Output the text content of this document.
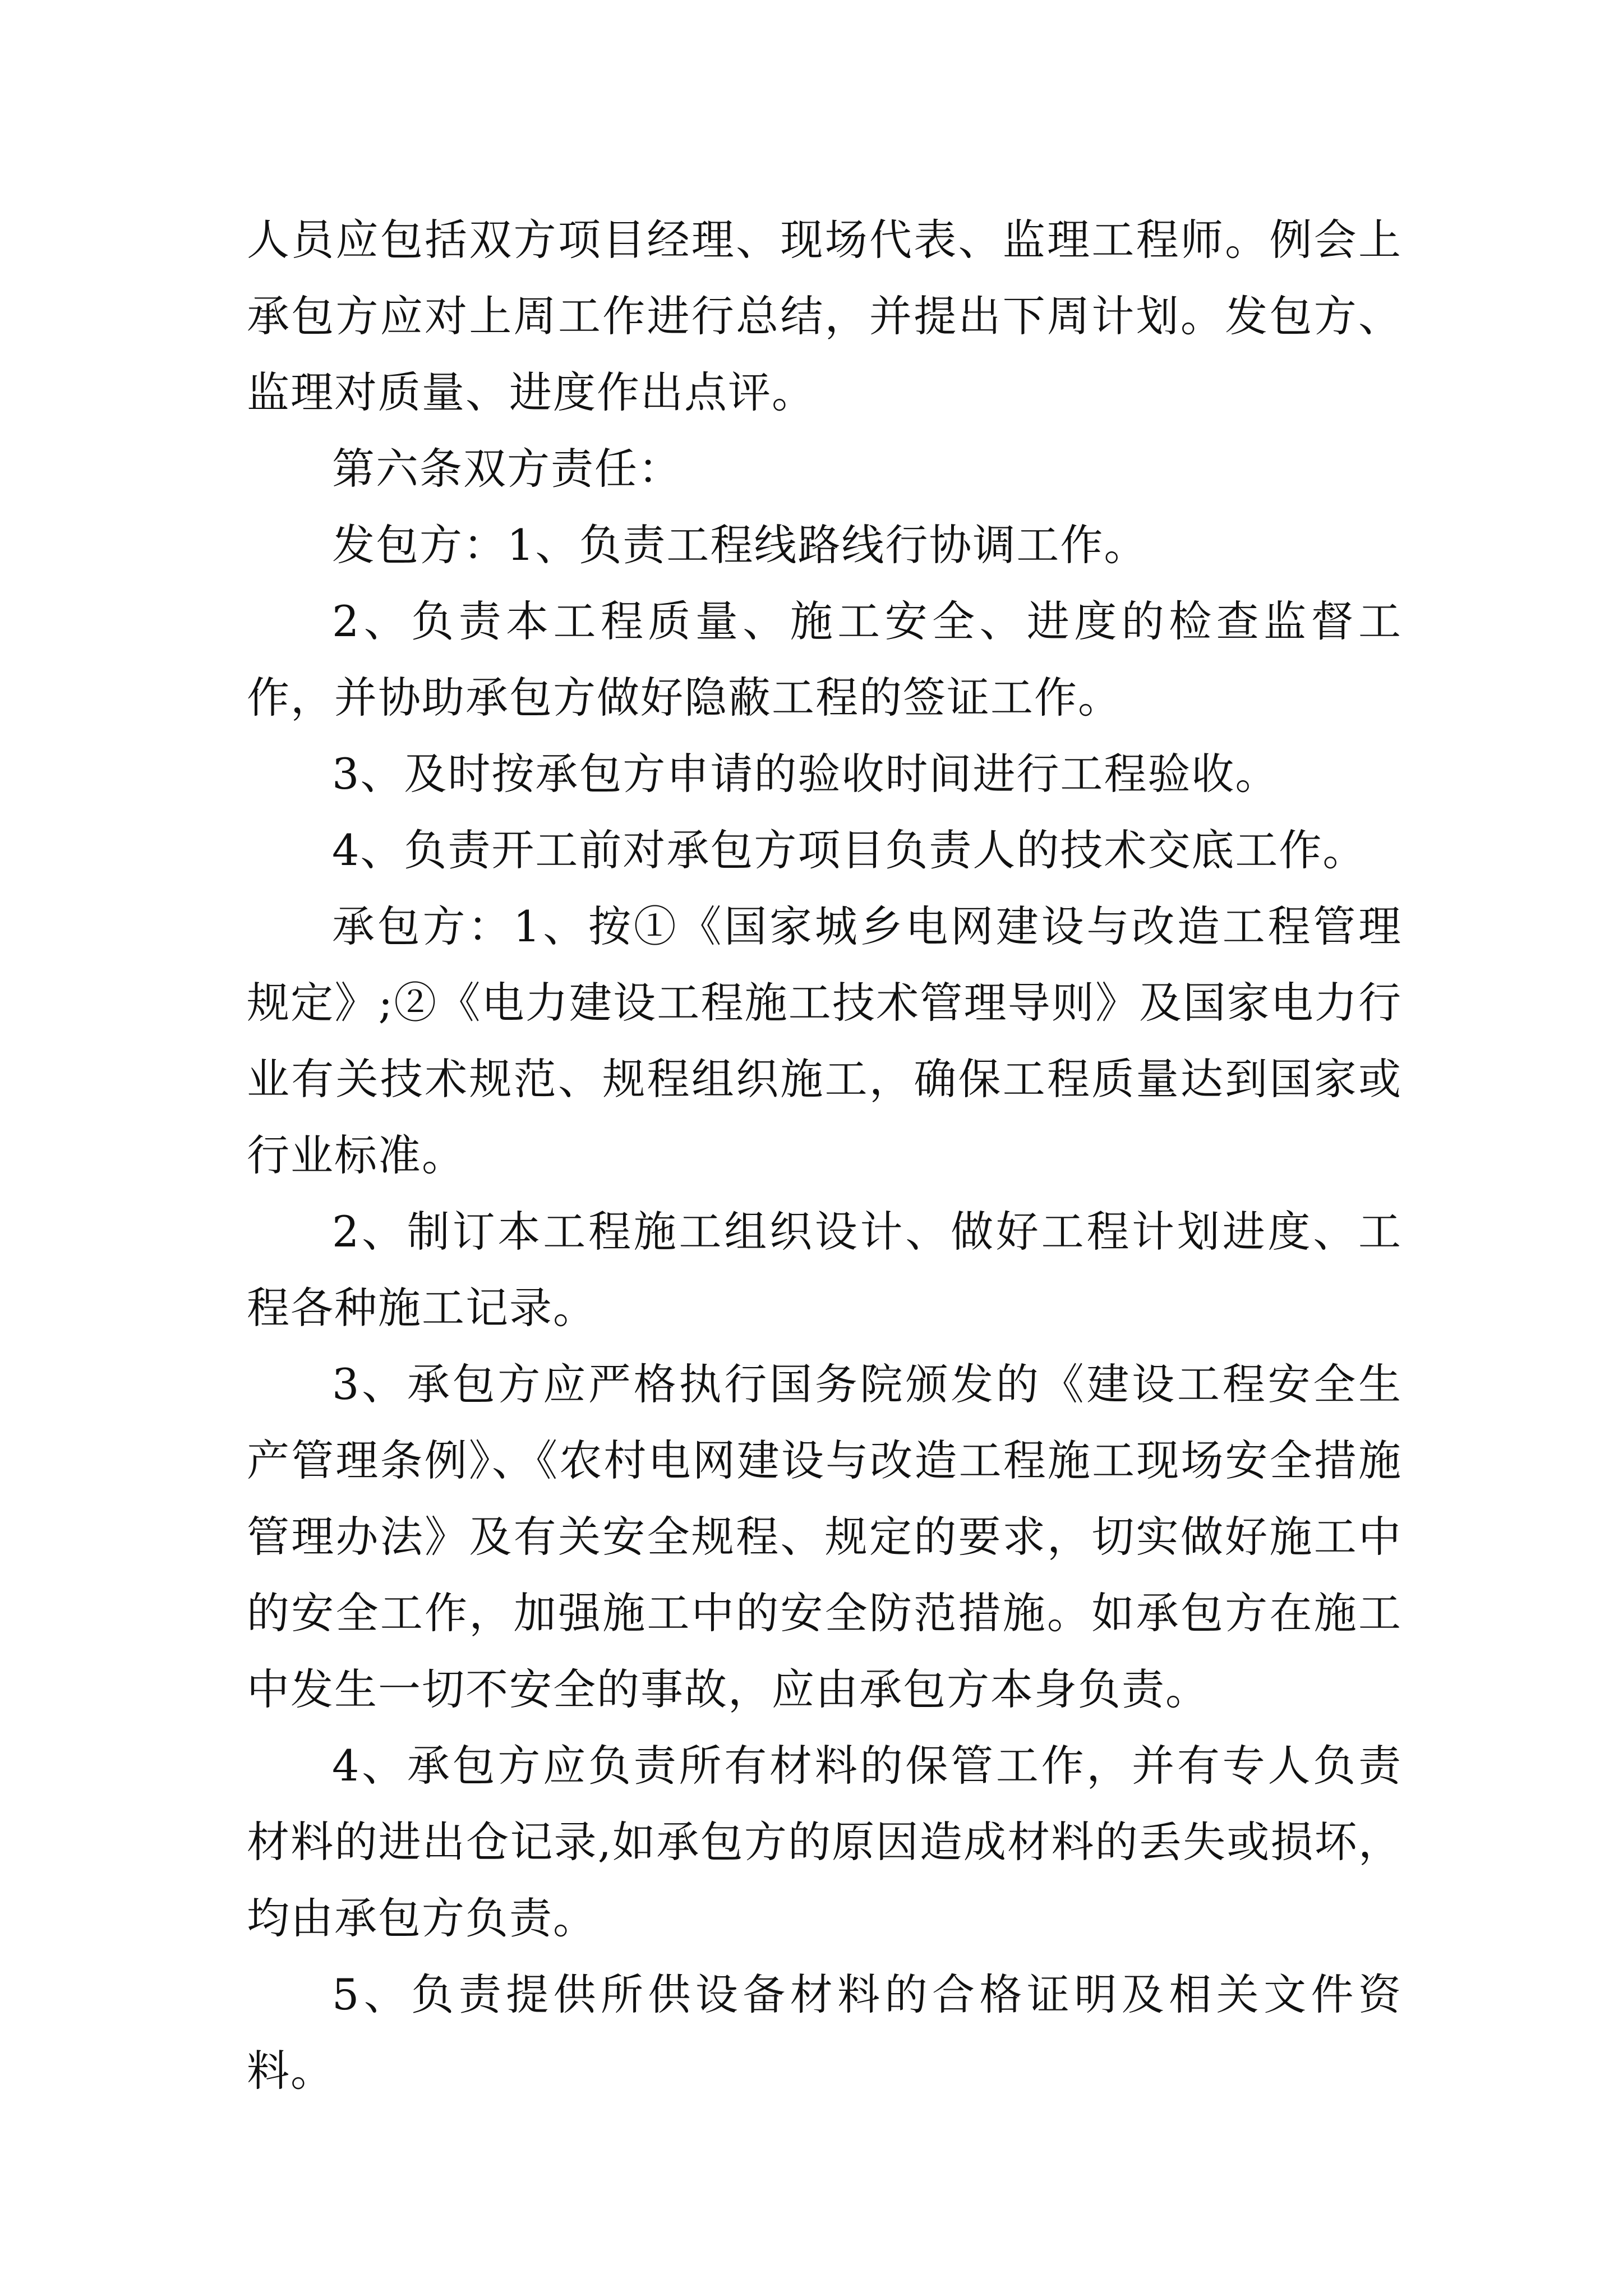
人员应包括双方项目经理、现场代表、监理工程师。例会上承包方应对上周工作进行总结，并提出下周计划。发包方、监理对质量、进度作出点评。

第六条双方责任：

发包方：1、负责工程线路线行协调工作。

2、负责本工程质量、施工安全、进度的检查监督工作，并协助承包方做好隐蔽工程的签证工作。

3、及时按承包方申请的验收时间进行工程验收。

4、负责开工前对承包方项目负责人的技术交底工作。

承包方：1、按①《国家城乡电网建设与改造工程管理规定》;②《电力建设工程施工技术管理导则》及国家电力行业有关技术规范、规程组织施工，确保工程质量达到国家或行业标准。

2、制订本工程施工组织设计、做好工程计划进度、工程各种施工记录。

3、承包方应严格执行国务院颁发的《建设工程安全生产管理条例》、《农村电网建设与改造工程施工现场安全措施管理办法》及有关安全规程、规定的要求，切实做好施工中的安全工作，加强施工中的安全防范措施。如承包方在施工中发生一切不安全的事故，应由承包方本身负责。

4、承包方应负责所有材料的保管工作，并有专人负责材料的进出仓记录,如承包方的原因造成材料的丢失或损坏，均由承包方负责。

5、负责提供所供设备材料的合格证明及相关文件资料。
